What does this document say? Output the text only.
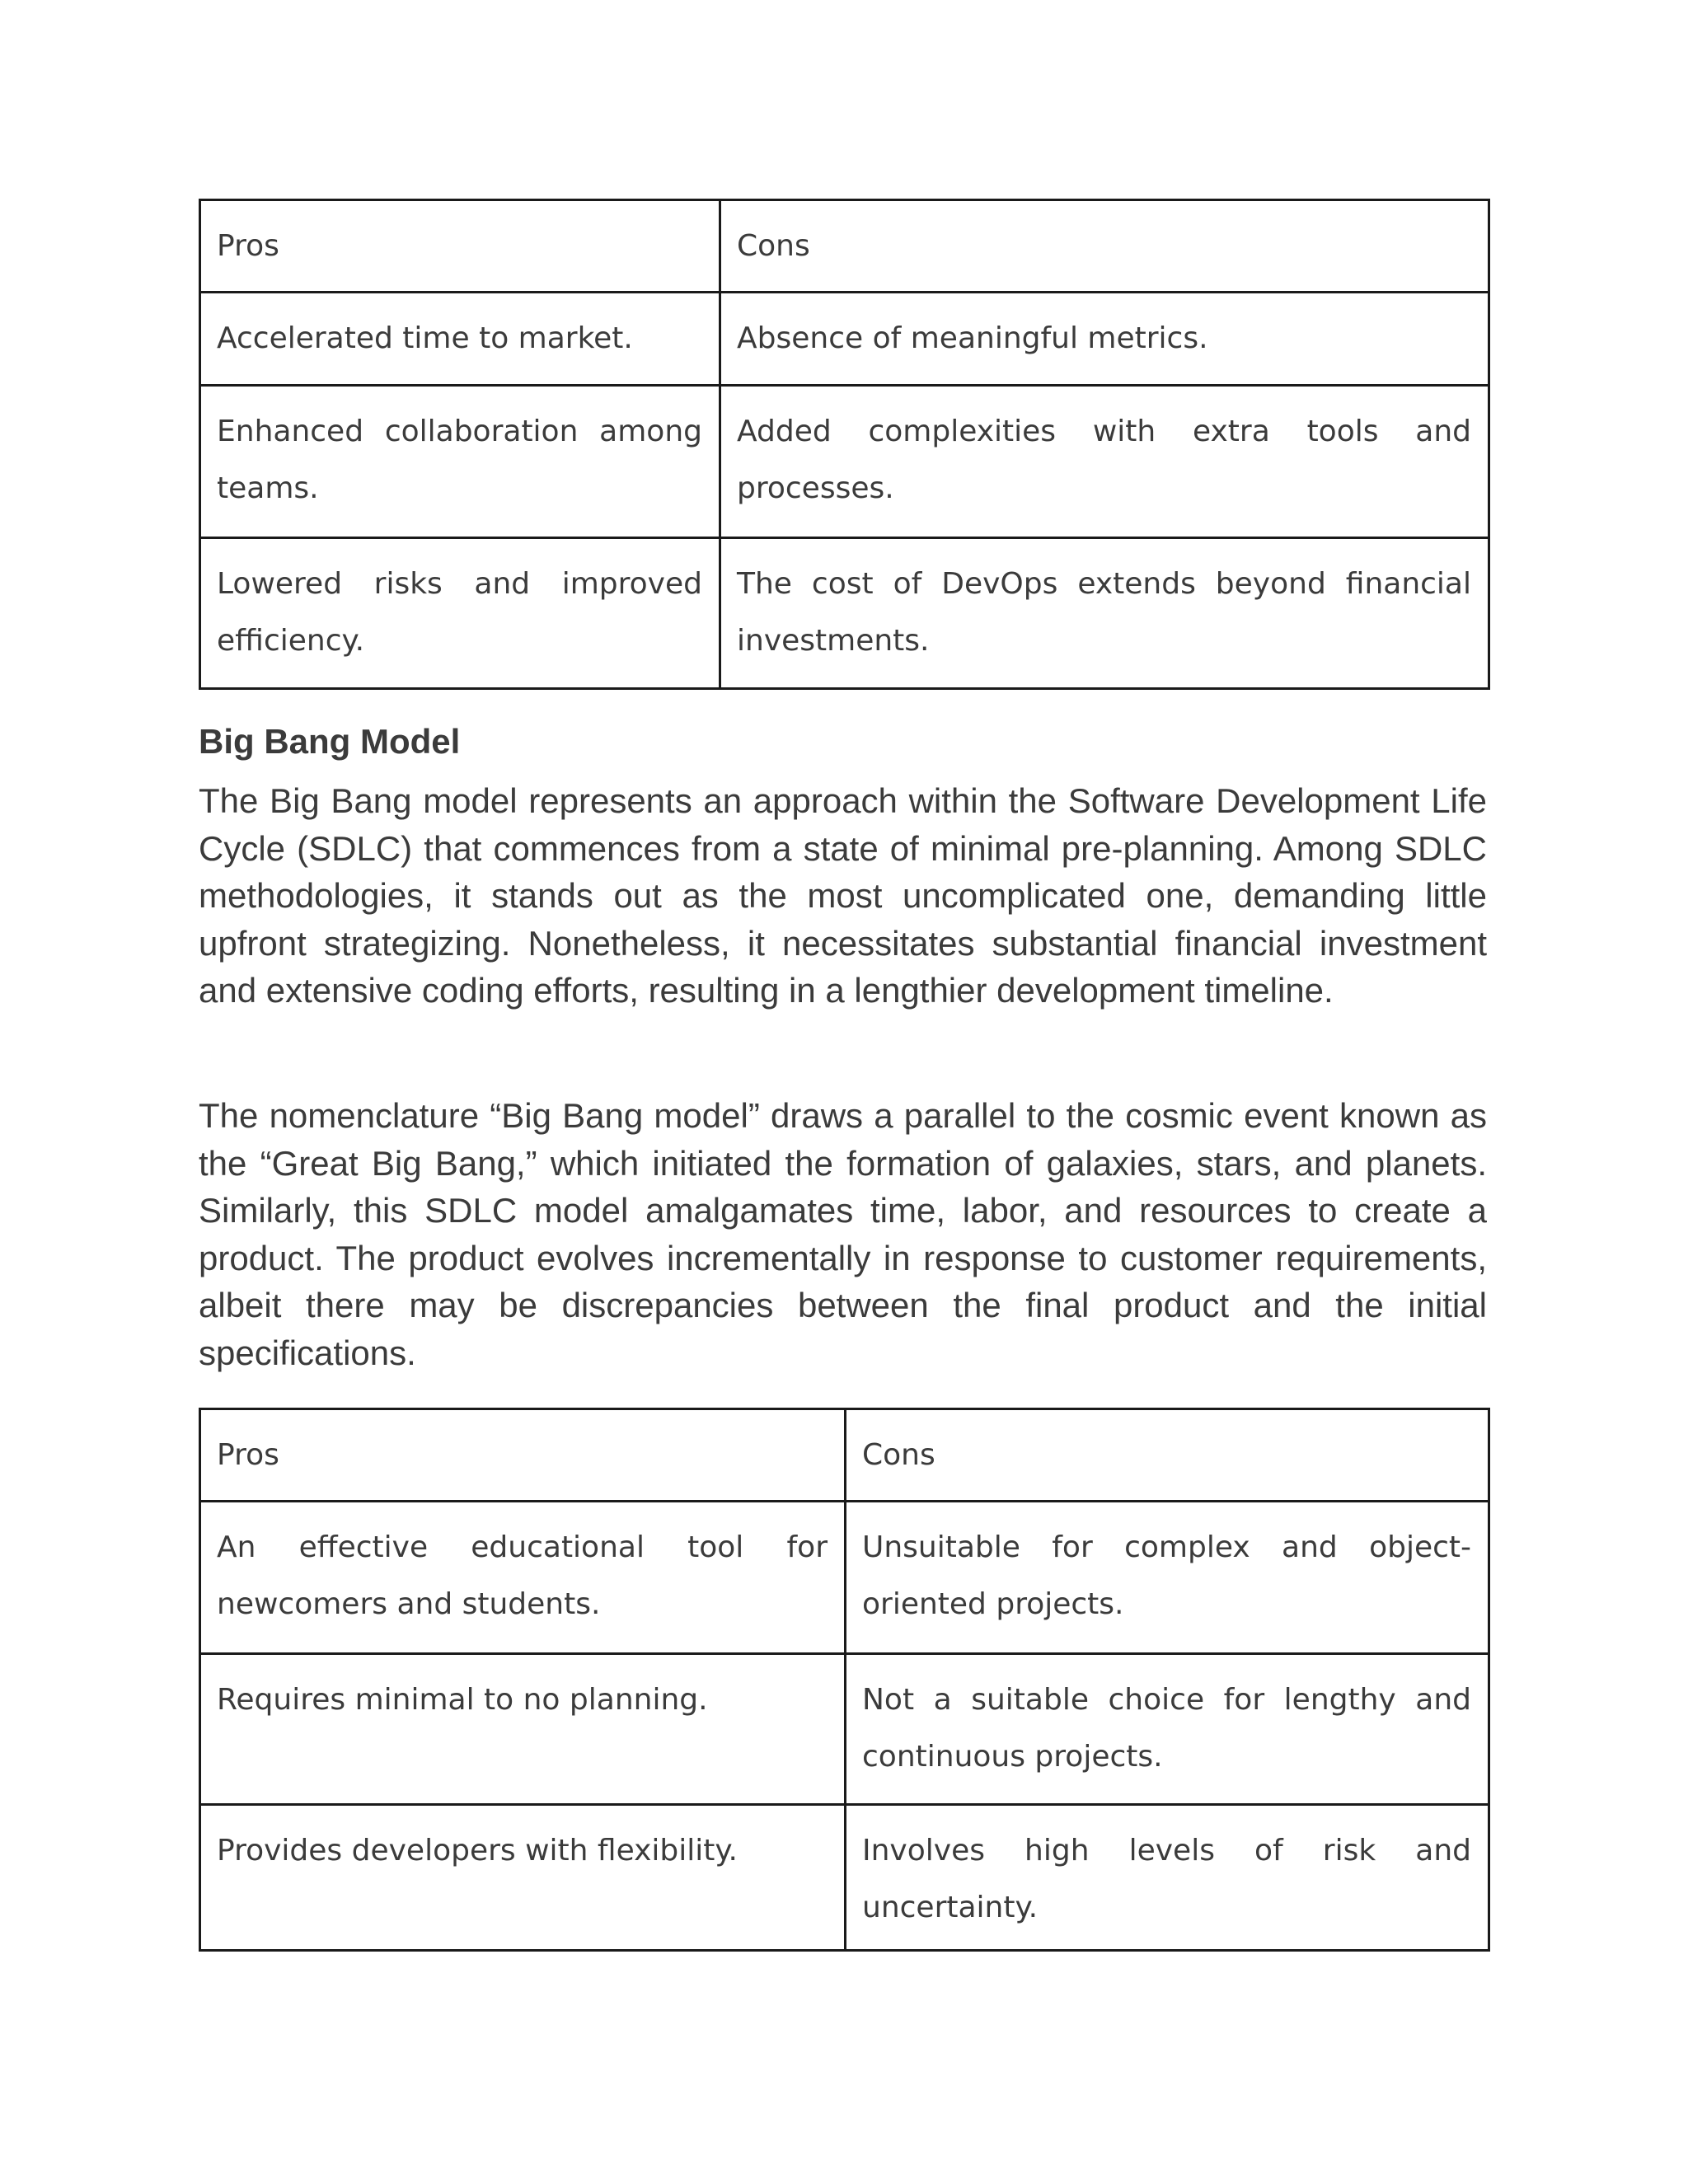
Pros	Cons
Accelerated time to market.	Absence of meaningful metrics.
Enhanced collaboration among teams.	Added complexities with extra tools and processes.
Lowered risks and improved efficiency.	The cost of DevOps extends beyond financial investments.
Big Bang Model

The Big Bang model represents an approach within the Software Development Life Cycle (SDLC) that commences from a state of minimal pre-planning. Among SDLC methodologies, it stands out as the most uncomplicated one, demanding little upfront strategizing. Nonetheless, it necessitates substantial financial investment and extensive coding efforts, resulting in a lengthier development timeline.

The nomenclature “Big Bang model” draws a parallel to the cosmic event known as the “Great Big Bang,” which initiated the formation of galaxies, stars, and planets. Similarly, this SDLC model amalgamates time, labor, and resources to create a product. The product evolves incrementally in response to customer requirements, albeit there may be discrepancies between the final product and the initial specifications.

Pros	Cons
An effective educational tool for newcomers and students.	Unsuitable for complex and object-oriented projects.
Requires minimal to no planning.	Not a suitable choice for lengthy and continuous projects.
Provides developers with flexibility.	Involves high levels of risk and uncertainty.
